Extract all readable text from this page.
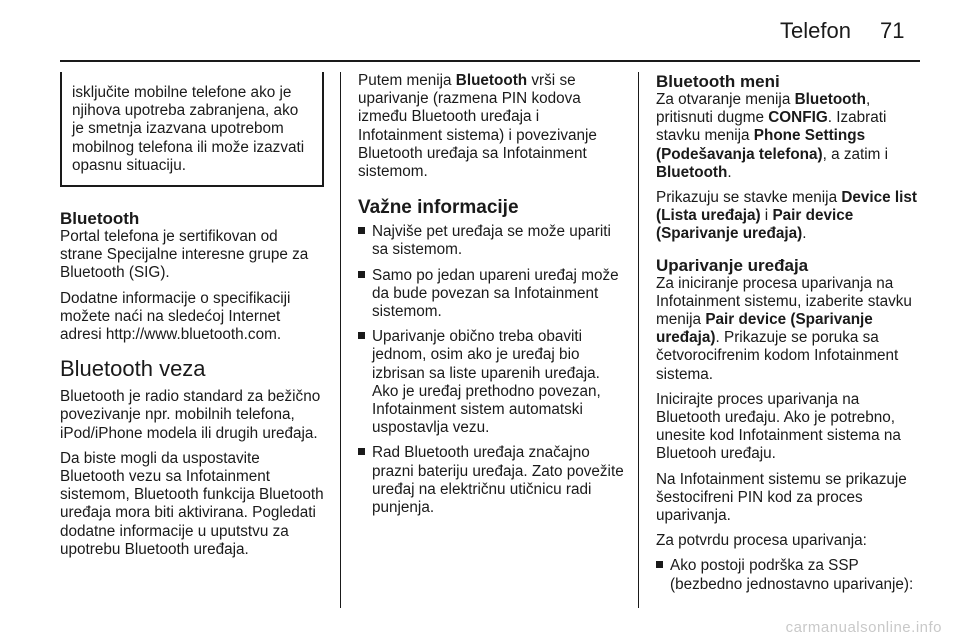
Telefon 71

isključite mobilne telefone ako je njihova upotreba zabranjena, ako je smetnja izazvana upotrebom mobilnog telefona ili može izazvati opasnu situaciju.

Bluetooth

Portal telefona je sertifikovan od strane Specijalne interesne grupe za Bluetooth (SIG).

Dodatne informacije o specifikaciji možete naći na sledećoj Internet adresi http://www.bluetooth.com.

Bluetooth veza

Bluetooth je radio standard za bežično povezivanje npr. mobilnih telefona, iPod/iPhone modela ili drugih uređaja.

Da biste mogli da uspostavite Bluetooth vezu sa Infotainment sistemom, Bluetooth funkcija Bluetooth uređaja mora biti aktivirana. Pogledati dodatne informacije u uputstvu za upotrebu Bluetooth uređaja.

Putem menija Bluetooth vrši se uparivanje (razmena PIN kodova između Bluetooth uređaja i Infotainment sistema) i povezivanje Bluetooth uređaja sa Infotainment sistemom.

Važne informacije
Najviše pet uređaja se može upariti sa sistemom.
Samo po jedan upareni uređaj može da bude povezan sa Infotainment sistemom.
Uparivanje obično treba obaviti jednom, osim ako je uređaj bio izbrisan sa liste uparenih uređaja. Ako je uređaj prethodno povezan, Infotainment sistem automatski uspostavlja vezu.
Rad Bluetooth uređaja značajno prazni bateriju uređaja. Zato povežite uređaj na električnu utičnicu radi punjenja.
Bluetooth meni

Za otvaranje menija Bluetooth, pritisnuti dugme CONFIG. Izabrati stavku menija Phone Settings (Podešavanja telefona), a zatim i Bluetooth.

Prikazuju se stavke menija Device list (Lista uređaja) i Pair device (Sparivanje uređaja).

Uparivanje uređaja

Za iniciranje procesa uparivanja na Infotainment sistemu, izaberite stavku menija Pair device (Sparivanje uređaja). Prikazuje se poruka sa četvorocifrenim kodom Infotainment sistema.

Inicirajte proces uparivanja na Bluetooth uređaju. Ako je potrebno, unesite kod Infotainment sistema na Bluetooh uređaju.

Na Infotainment sistemu se prikazuje šestocifreni PIN kod za proces uparivanja.

Za potvrdu procesa uparivanja:

Ako postoji podrška za SSP (bezbedno jednostavno uparivanje):
carmanualsonline.info
